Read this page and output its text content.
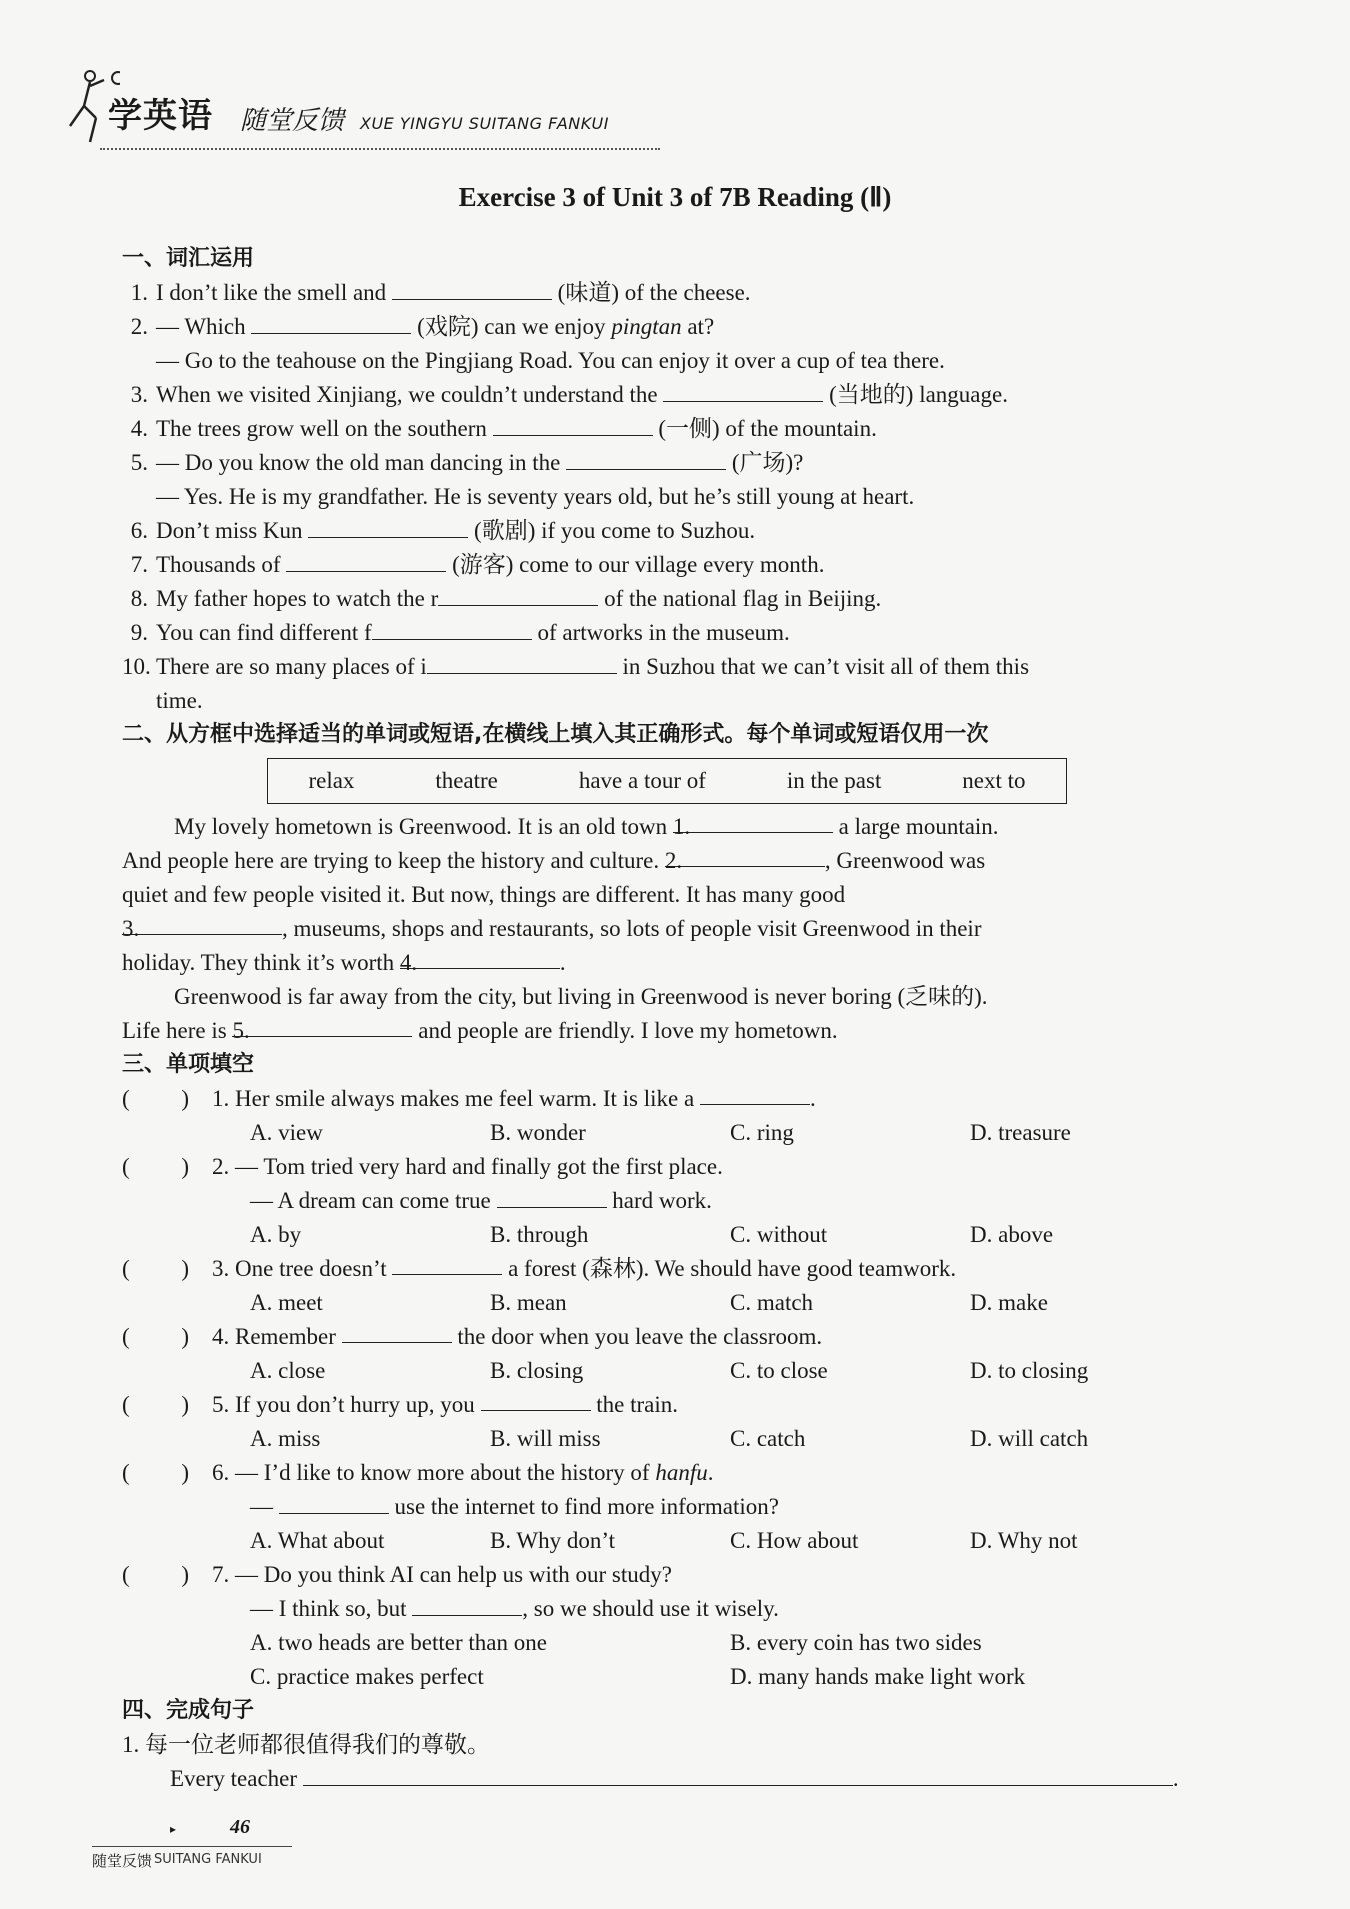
学英语 随堂反馈 XUE YINGYU SUITANG FANKUI
Exercise 3 of Unit 3 of 7B Reading (Ⅱ)
一、词汇运用
1. I don’t like the smell and	(味道) of the cheese.
2. — Which	(戏院) can we enjoy pingtan at?
— Go to the teahouse on the Pingjiang Road. You can enjoy it over a cup of tea there.
3. When we visited Xinjiang, we couldn’t understand the	(当地的) language.
4. The trees grow well on the southern	(一侧) of the mountain.
5. — Do you know the old man dancing in the	(广场)?
— Yes. He is my grandfather. He is seventy years old, but he’s still young at heart.
6. Don’t miss Kun	(歌剧) if you come to Suzhou.
7. Thousands of	(游客) come to our village every month.
8. My father hopes to watch the r	of the national flag in Beijing.
9. You can find different f	of artworks in the museum.
10. There are so many places of i	in Suzhou that we can’t visit all of them this
time.
二、从方框中选择适当的单词或短语,在横线上填入其正确形式。每个单词或短语仅用一次
relax	theatre	have a tour of	in the past	next to
My lovely hometown is Greenwood. It is an old town 1.	a large mountain.
And people here are trying to keep the history and culture. 2.	, Greenwood was
quiet and few people visited it. But now, things are different. It has many good
3.	, museums, shops and restaurants, so lots of people visit Greenwood in their
holiday. They think it’s worth 4.	.
Greenwood is far away from the city, but living in Greenwood is never boring (乏味的).
Life here is 5.	and people are friendly. I love my hometown.
三、单项填空
(　 　) 1. Her smile always makes me feel warm. It is like a
	.
A. view	B. wonder	C. ring	D. treasure
(　 　) 2. — Tom tried very hard and finally got the first place.
— A dream can come true	hard work.
A. by	B. through	C. without	D. above
(　 　) 3. One tree doesn’t

	a forest (森林). We should have good teamwork.
A. meet	B. mean	C. match	D. make
(　 　) 4. Remember

	the door when you leave the classroom.
A. close	B. closing	C. to close	D. to closing
(　 　) 5. If you don’t hurry up, you

	the train.
A. miss	B. will miss	C. catch	D. will catch
(　 　) 6. — I’d like to know more about the history of
hanfu .
—	use the internet to find more information?
A. What about	B. Why don’t	C. How about	D. Why not
(　 　) 7. — Do you think AI can help us with our study?
— I think so, but	, so we should use it wisely.
A. two heads are better than one	B. every coin has two sides
C. practice makes perfect	D. many hands make light work
四、完成句子
1. 每一位老师都很值得我们的尊敬。
Every teacher	.
▸	46
随堂反馈 SUITANG FANKUI
